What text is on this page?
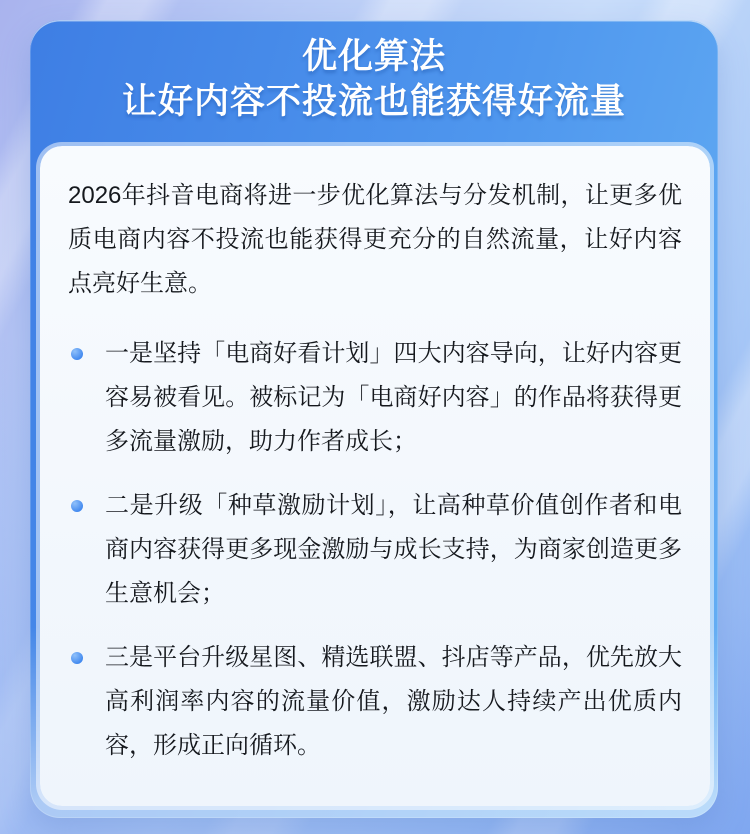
优化算法
让好内容不投流也能获得好流量

2026年抖音电商将进一步优化算法与分发机制，让更多优质电商内容不投流也能获得更充分的自然流量，让好内容点亮好生意。

一是坚持「电商好看计划」四大内容导向，让好内容更容易被看见。被标记为「电商好内容」的作品将获得更多流量激励，助力作者成长；
二是升级「种草激励计划」，让高种草价值创作者和电商内容获得更多现金激励与成长支持，为商家创造更多生意机会；
三是平台升级星图、精选联盟、抖店等产品，优先放大高利润率内容的流量价值，激励达人持续产出优质内容，形成正向循环。
